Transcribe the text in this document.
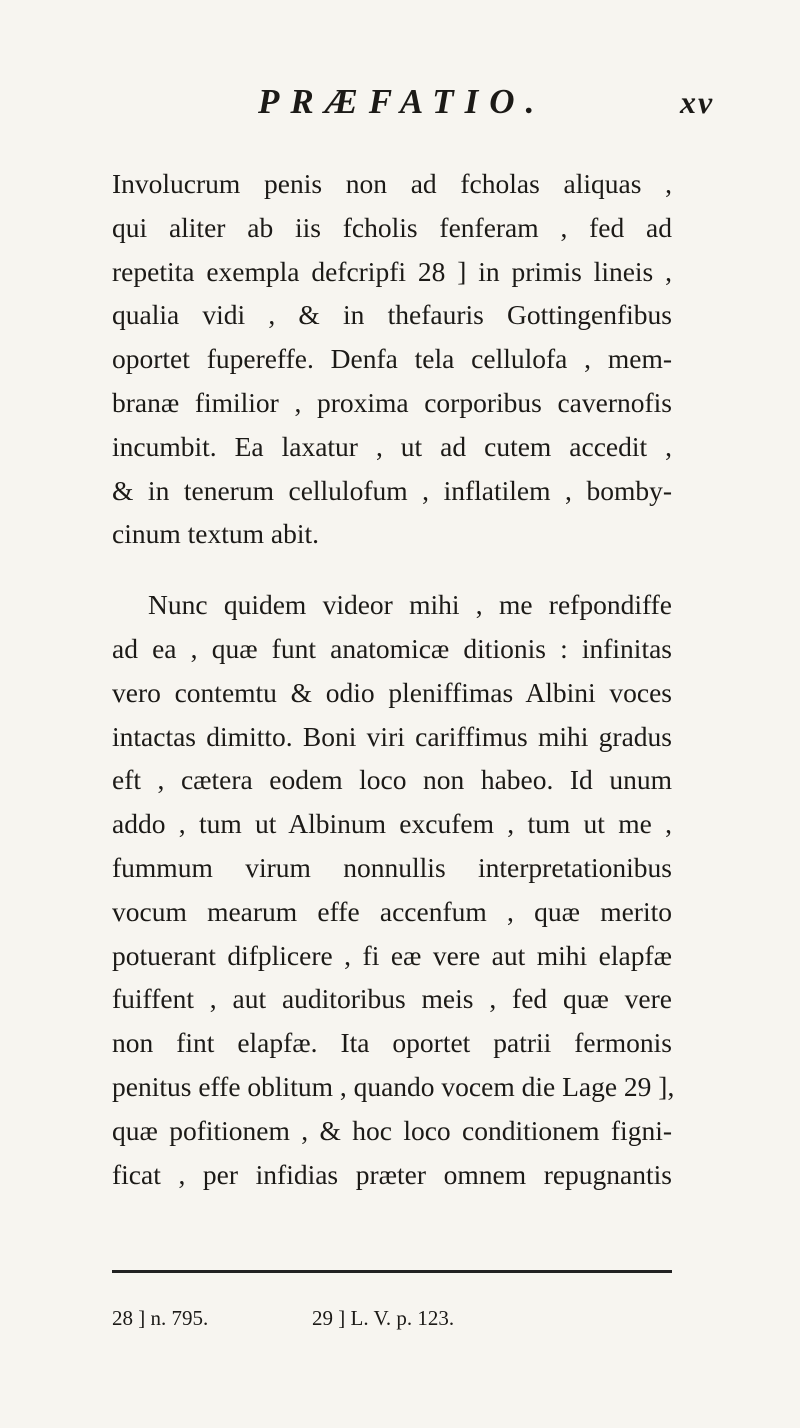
PRÆFATIO.	xv
Involucrum penis non ad fcholas aliquas ,
qui aliter ab iis fcholis fenferam , fed ad
repetita exempla defcripfi 28 ] in primis lineis ,
qualia vidi , & in thefauris Gottingenfibus
oportet fupereffe. Denfa tela cellulofa , mem-
branæ fimilior , proxima corporibus cavernofis
incumbit. Ea laxatur , ut ad cutem accedit ,
& in tenerum cellulofum , inflatilem , bomby-
cinum textum abit.
Nunc quidem videor mihi , me refpondiffe
ad ea , quæ funt anatomicæ ditionis : infinitas
vero contemtu & odio pleniffimas Albini voces
intactas dimitto. Boni viri cariffimus mihi gradus
eft , cætera eodem loco non habeo. Id unum
addo , tum ut Albinum excufem , tum ut me ,
fummum virum nonnullis interpretationibus
vocum mearum effe accenfum , quæ merito
potuerant difplicere , fi eæ vere aut mihi elapfæ
fuiffent , aut auditoribus meis , fed quæ vere
non fint elapfæ. Ita oportet patrii fermonis
penitus effe oblitum , quando vocem die Lage 29 ],
quæ pofitionem , & hoc loco conditionem figni-
ficat , per infidias præter omnem repugnantis
28 ] n. 795.	29 ] L. V. p. 123.
